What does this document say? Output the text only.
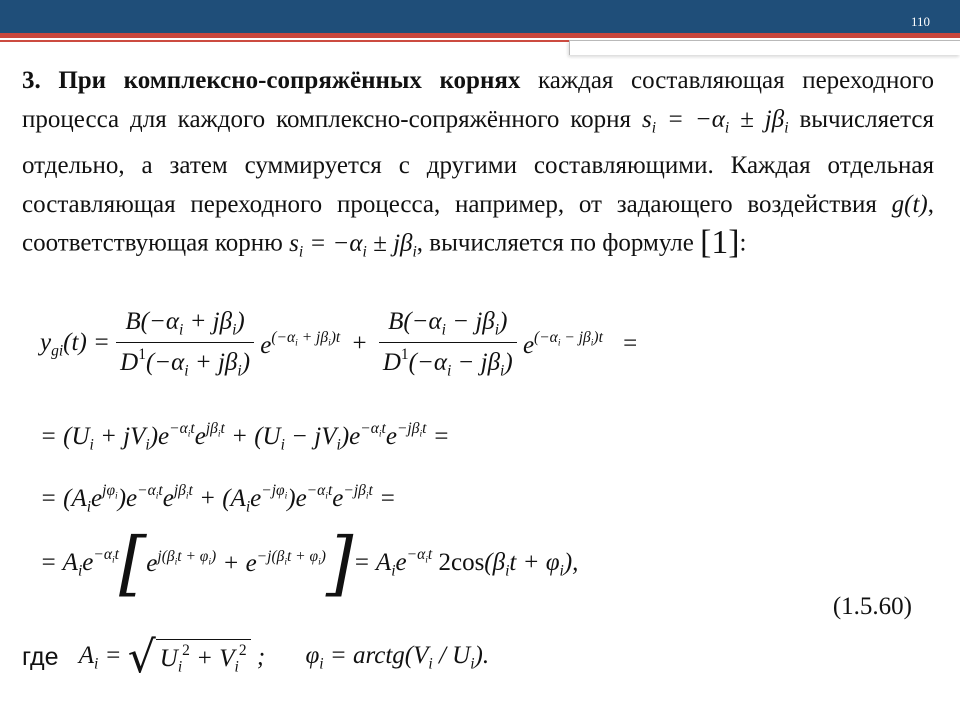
110
3. При комплексно-сопряжённых корнях каждая составляющая переходного процесса для каждого комплексно-сопряжённого корня $s_i = -\alpha_i \pm j\beta_i$ вычисляется отдельно, а затем суммируется с другими составляющими. Каждая отдельная составляющая переходного процесса, например, от задающего воздействия g(t), соответствующая корню $s_i = -\alpha_i \pm j\beta_i$, вычисляется по формуле [1]:
$y_{gi}(t) = \frac{B(-\alpha_i + j\beta_i)}{D^1(-\alpha_i + j\beta_i)} e^{(-\alpha_i + j\beta_i)t} + \frac{B(-\alpha_i - j\beta_i)}{D^1(-\alpha_i - j\beta_i)} e^{(-\alpha_i - j\beta_i)t}$ =
= $(U_i + jV_i)e^{-\alpha_it}e^{j\beta_it} + (U_i - jV_i)e^{-\alpha_it}e^{-j\beta_it}$ =
= $(A_ie^{j\varphi_i})e^{-\alpha_it}e^{j\beta_it} + (A_ie^{-j\varphi_i})e^{-\alpha_it}e^{-j\beta_it}$ =
= $A_ie^{-\alpha_it}[e^{j(\beta_it + \varphi_i)} + e^{-j(\beta_it + \varphi_i)}]= A_ie^{-\alpha_it}$ $2\cos(\beta_it + \varphi_i)$,
(1.5.60)
где $A_i$ = √ $U_i^2 + V_i^2$ ; $\varphi_i$ = $arctg(V_i / U_i)$.
